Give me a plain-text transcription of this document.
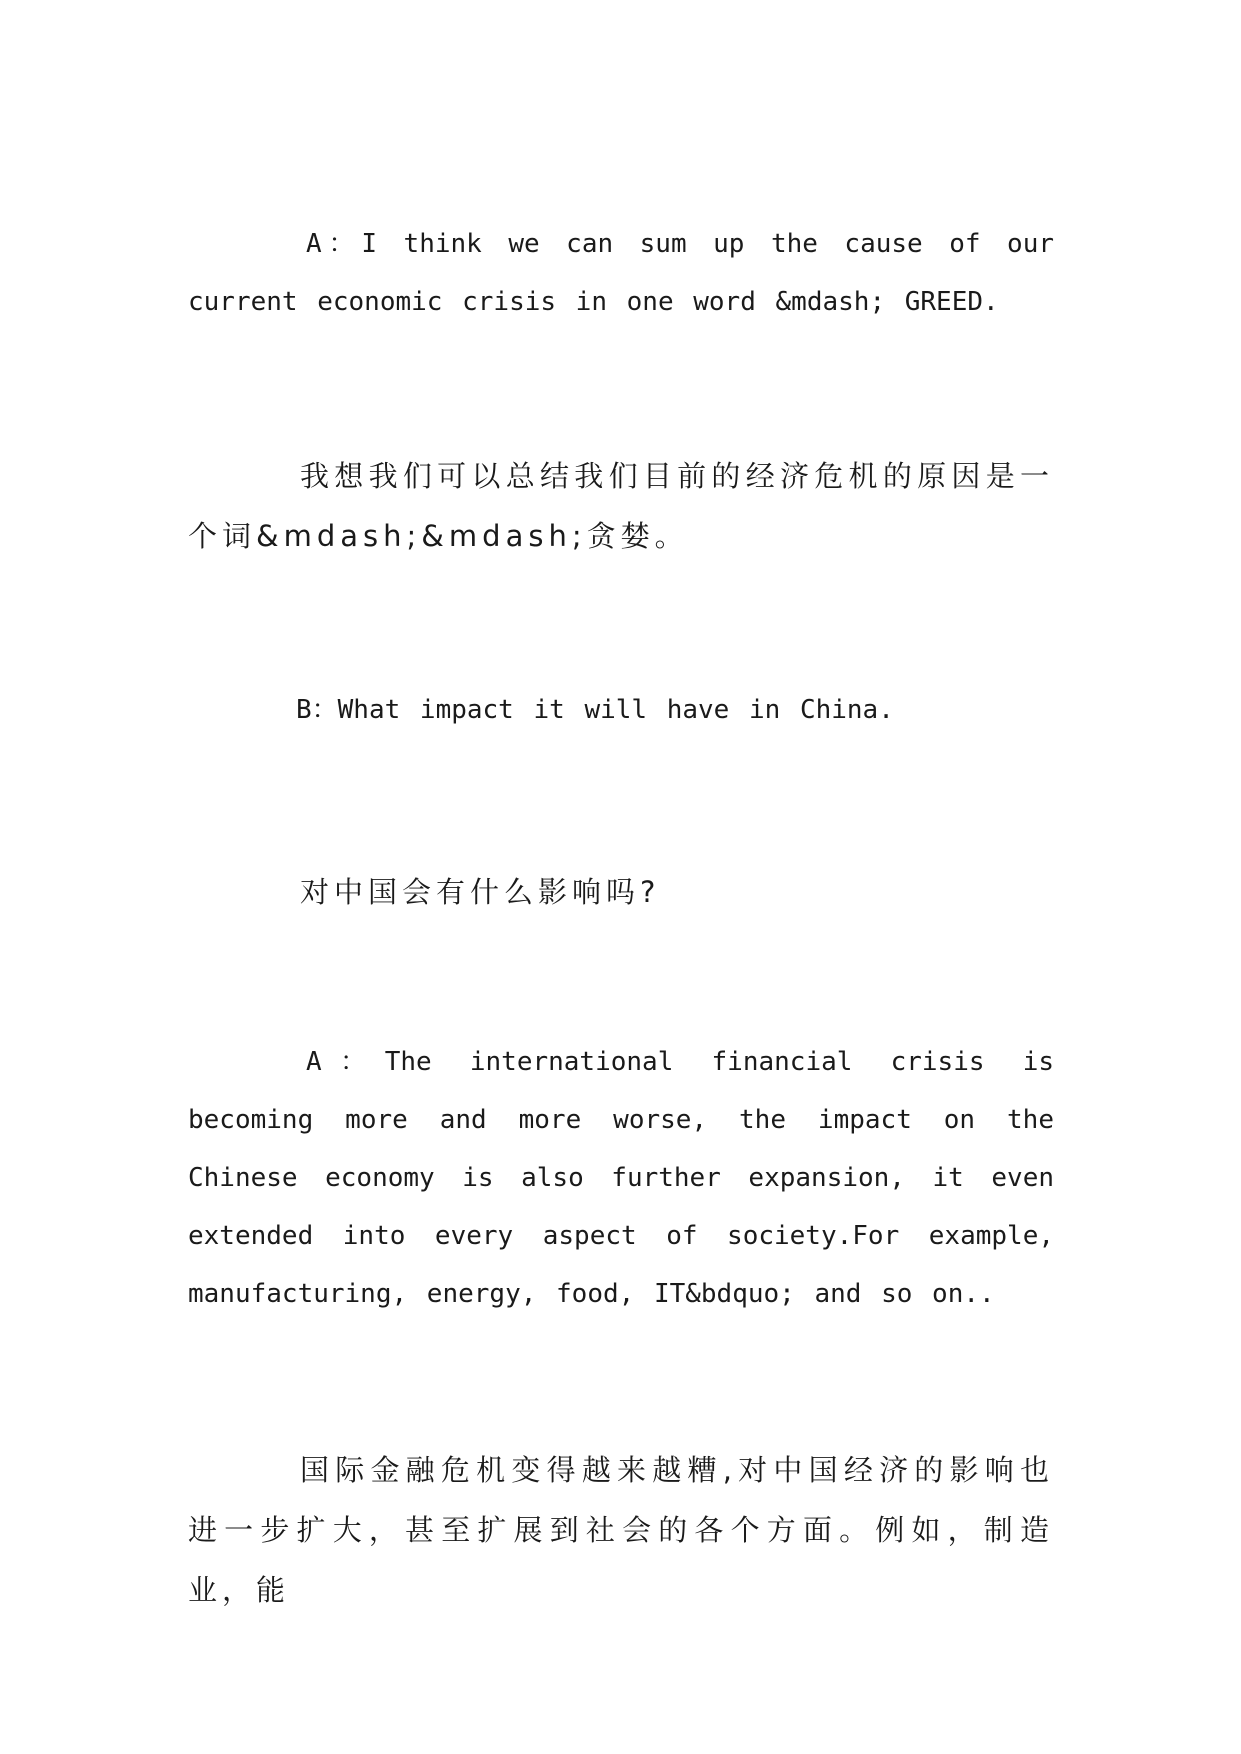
A：I think we can sum up the cause of our current economic crisis in one word &mdash; GREED.

我想我们可以总结我们目前的经济危机的原因是一个词&mdash;&mdash;贪婪。

B：What impact it will have in China.

对中国会有什么影响吗?

A：The international financial crisis is becoming more and more worse, the impact on the Chinese economy is also further expansion, it even extended into every aspect of society.For example, manufacturing, energy, food, IT&bdquo; and so on..

国际金融危机变得越来越糟,对中国经济的影响也进一步扩大，甚至扩展到社会的各个方面。例如，制造业，能
